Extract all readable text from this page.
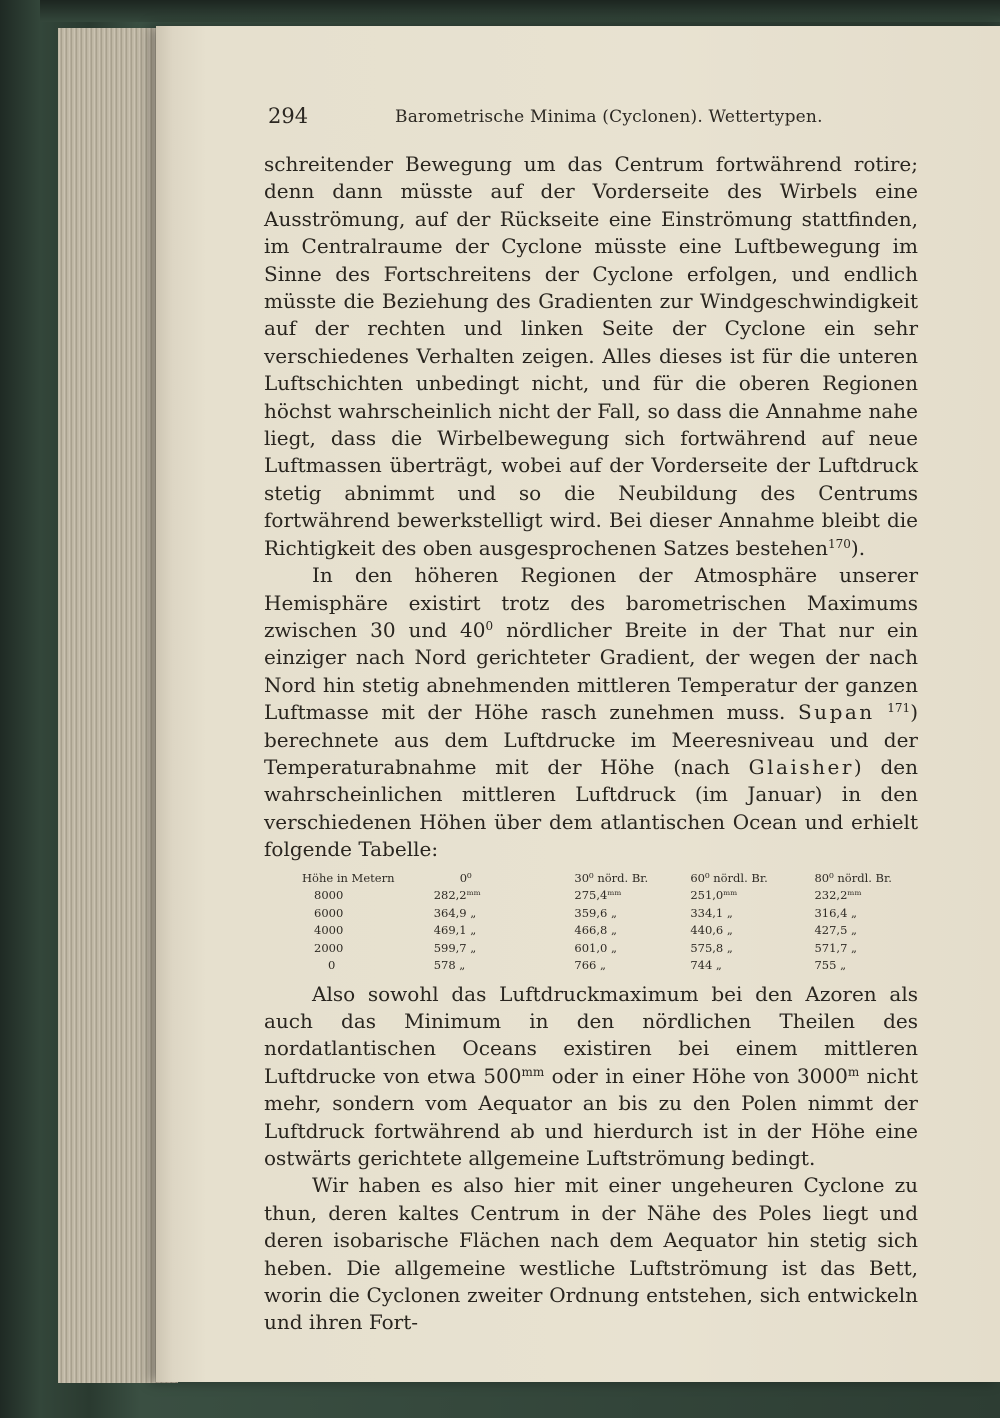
294	Barometrische Minima (Cyclonen). Wettertypen.

schreitender Bewegung um das Centrum fortwährend rotire; denn dann müsste auf der Vorderseite des Wirbels eine Ausströmung, auf der Rückseite eine Einströmung stattfinden, im Centralraume der Cyclone müsste eine Luftbewegung im Sinne des Fortschreitens der Cyclone erfolgen, und endlich müsste die Beziehung des Gradienten zur Windgeschwindigkeit auf der rechten und linken Seite der Cyclone ein sehr verschiedenes Verhalten zeigen. Alles dieses ist für die unteren Luftschichten unbedingt nicht, und für die oberen Regionen höchst wahrscheinlich nicht der Fall, so dass die Annahme nahe liegt, dass die Wirbelbewegung sich fortwährend auf neue Luftmassen überträgt, wobei auf der Vorderseite der Luftdruck stetig abnimmt und so die Neubildung des Centrums fortwährend bewerkstelligt wird. Bei dieser Annahme bleibt die Richtigkeit des oben ausgesprochenen Satzes bestehen$^{170}$).

In den höheren Regionen der Atmosphäre unserer Hemisphäre existirt trotz des barometrischen Maximums zwischen 30 und $40^0$ nördlicher Breite in der That nur ein einziger nach Nord gerichteter Gradient, der wegen der nach Nord hin stetig abnehmenden mittleren Temperatur der ganzen Luftmasse mit der Höhe rasch zunehmen muss. Supan $^{171}$) berechnete aus dem Luftdrucke im Meeresniveau und der Temperaturabnahme mit der Höhe (nach Glaisher) den wahrscheinlichen mittleren Luftdruck (im Januar) in den verschiedenen Höhen über dem atlantischen Ocean und erhielt folgende Tabelle:

Höhe in Metern	0⁰	30⁰ nörd. Br.	60⁰ nördl. Br.	80⁰ nördl. Br.
8000	282,2ᵐᵐ	275,4ᵐᵐ	251,0ᵐᵐ	232,2ᵐᵐ
6000	364,9 „	359,6 „	334,1 „	316,4 „
4000	469,1 „	466,8 „	440,6 „	427,5 „
2000	599,7 „	601,0 „	575,8 „	571,7 „
0	578 „	766 „	744 „	755 „

Also sowohl das Luftdruckmaximum bei den Azoren als auch das Minimum in den nördlichen Theilen des nordatlantischen Oceans existiren bei einem mittleren Luftdrucke von etwa $500^{mm}$ oder in einer Höhe von 3000$^m$ nicht mehr, sondern vom Aequator an bis zu den Polen nimmt der Luftdruck fortwährend ab und hierdurch ist in der Höhe eine ostwärts gerichtete allgemeine Luftströmung bedingt.

Wir haben es also hier mit einer ungeheuren Cyclone zu thun, deren kaltes Centrum in der Nähe des Poles liegt und deren isobarische Flächen nach dem Aequator hin stetig sich heben. Die allgemeine westliche Luftströmung ist das Bett, worin die Cyclonen zweiter Ordnung entstehen, sich entwickeln und ihren Fort-
